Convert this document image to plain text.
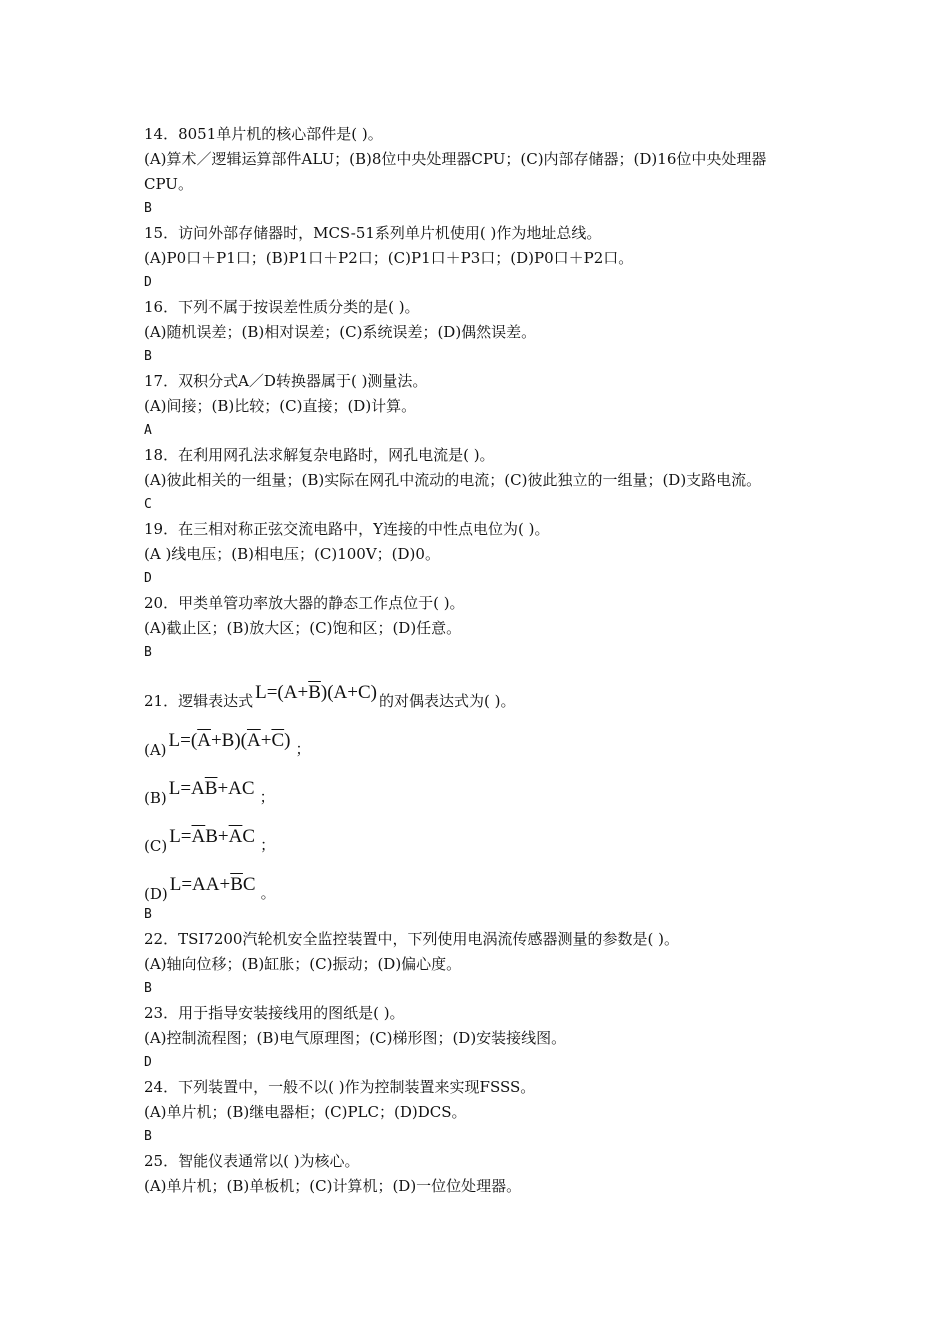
14．8051单片机的核心部件是( )。
(A)算术／逻辑运算部件ALU；(B)8位中央处理器CPU；(C)内部存储器；(D)16位中央处理器
CPU。
B
15．访问外部存储器时，MCS-51系列单片机使用( )作为地址总线。
(A)P0口＋P1口；(B)P1口＋P2口；(C)P1口＋P3口；(D)P0口＋P2口。
D
16．下列不属于按误差性质分类的是( )。
(A)随机误差；(B)相对误差；(C)系统误差；(D)偶然误差。
B
17．双积分式A／D转换器属于( )测量法。
(A)间接；(B)比较；(C)直接；(D)计算。
A
18．在利用网孔法求解复杂电路时，网孔电流是( )。
(A)彼此相关的一组量；(B)实际在网孔中流动的电流；(C)彼此独立的一组量；(D)支路电流。
C
19．在三相对称正弦交流电路中，Y连接的中性点电位为( )。
(A )线电压；(B)相电压；(C)100V；(D)0。
D
20．甲类单管功率放大器的静态工作点位于( )。
(A)截止区；(B)放大区；(C)饱和区；(D)任意。
B
21．逻辑表达式 $L=(A+\overline{B})(A+C)$ 的对偶表达式为( )。
(A) $L=(\overline{A}+B)(\overline{A}+\overline{C})$ ；
(B) $L=A\overline{B}+AC$ ；
(C) $L=\overline{A}B+\overline{A}C$ ；
(D) $L=AA+\overline{B}C$ 。
B
22．TSI7200汽轮机安全监控装置中，下列使用电涡流传感器测量的参数是( )。
(A)轴向位移；(B)缸胀；(C)振动；(D)偏心度。
B
23．用于指导安装接线用的图纸是( )。
(A)控制流程图；(B)电气原理图；(C)梯形图；(D)安装接线图。
D
24．下列装置中，一般不以( )作为控制装置来实现FSSS。
(A)单片机；(B)继电器柜；(C)PLC；(D)DCS。
B
25．智能仪表通常以( )为核心。
(A)单片机；(B)单板机；(C)计算机；(D)一位位处理器。
